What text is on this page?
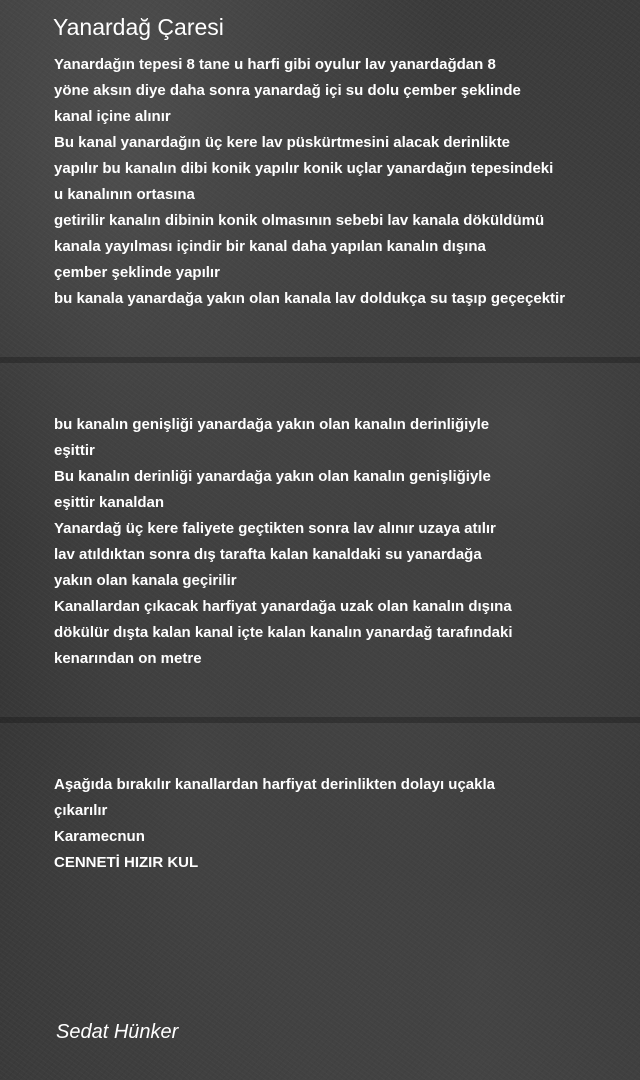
Yanardağ Çaresi
Yanardağın tepesi 8 tane u harfi gibi oyulur lav yanardağdan 8
yöne aksın diye daha sonra yanardağ içi su dolu çember şeklinde
kanal içine alınır
Bu kanal yanardağın üç kere lav püskürtmesini alacak derinlikte
yapılır bu kanalın dibi konik yapılır konik uçlar yanardağın tepesindeki
u kanalının ortasına
getirilir kanalın dibinin konik olmasının sebebi lav kanala döküldümü
kanala yayılması içindir bir kanal daha yapılan kanalın dışına
çember şeklinde yapılır
bu kanala yanardağa yakın olan kanala lav doldukça su taşıp geçeçektir
bu kanalın genişliği yanardağa yakın olan kanalın derinliğiyle
eşittir
Bu kanalın derinliği yanardağa yakın olan kanalın genişliğiyle
eşittir kanaldan
Yanardağ üç kere faliyete geçtikten sonra lav alınır uzaya atılır
lav atıldıktan sonra dış tarafta kalan kanaldaki su yanardağa
yakın olan kanala geçirilir
Kanallardan çıkacak harfiyat yanardağa uzak olan kanalın dışına
dökülür dışta kalan kanal içte kalan kanalın yanardağ tarafındaki
kenarından on metre
Aşağıda bırakılır kanallardan harfiyat derinlikten dolayı uçakla
çıkarılır
Karamecnun
CENNETİ HIZIR KUL
Sedat Hünker
